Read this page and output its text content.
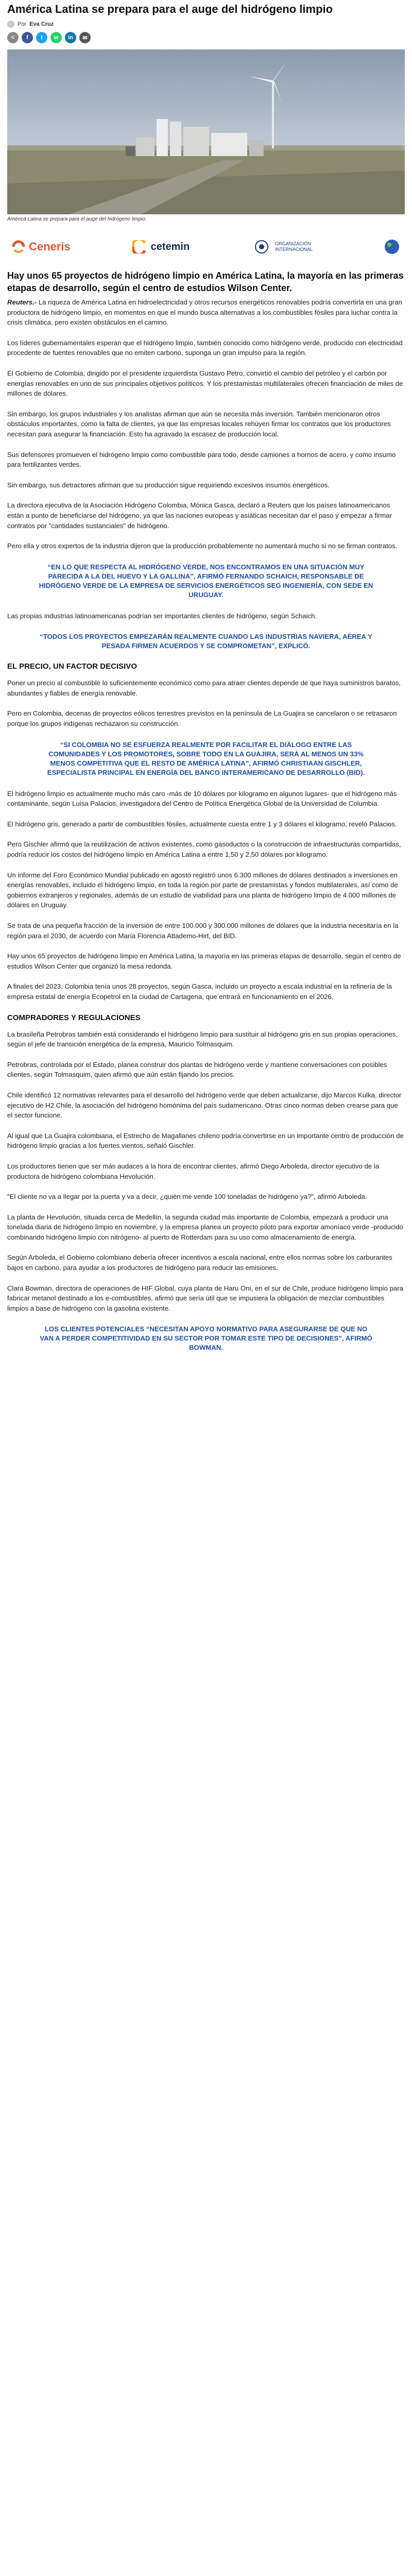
América Latina se prepara para el auge del hidrógeno limpio
Por Eva Cruz
<	f	t	w	in	✉
América Latina se prepara para el auge del hidrógeno limpio.
Ceneris	cetemin	ORGANIZACIÓN INTERNACIONAL
Hay unos 65 proyectos de hidrógeno limpio en América Latina, la mayoría en las primeras etapas de desarrollo, según el centro de estudios Wilson Center.

Reuters.- La riqueza de América Latina en hidroelectricidad y otros recursos energéticos renovables podría convertirla en una gran productora de hidrógeno limpio, en momentos en que el mundo busca alternativas a los combustibles fósiles para luchar contra la crisis climática, pero existen obstáculos en el camino.

Los líderes gubernamentales esperan que el hidrógeno limpio, también conocido como hidrógeno verde, producido con electricidad procedente de fuentes renovables que no emiten carbono, suponga un gran impulso para la región.

El Gobierno de Colombia, dirigido por el presidente izquierdista Gustavo Petro, convirtió el cambio del petróleo y el carbón por energías renovables en uno de sus principales objetivos políticos. Y los prestamistas multilaterales ofrecen financiación de miles de millones de dólares.

Sin embargo, los grupos industriales y los analistas afirman que aún se necesita más inversión. También mencionaron otros obstáculos importantes, como la falta de clientes, ya que las empresas locales rehúyen firmar los contratos que los productores necesitan para asegurar la financiación. Esto ha agravado la escasez de producción local.

Sus defensores promueven el hidrógeno limpio como combustible para todo, desde camiones a hornos de acero, y como insumo para fertilizantes verdes.

Sin embargo, sus detractores afirman que su producción sigue requiriendo excesivos insumos energéticos.

La directora ejecutiva de la Asociación Hidrógeno Colombia, Mónica Gasca, declaró a Reuters que los países latinoamericanos están a punto de beneficiarse del hidrógeno, ya que las naciones europeas y asiáticas necesitan dar el paso y empezar a firmar contratos por "cantidades sustanciales" de hidrógeno.

Pero ella y otros expertos de la industria dijeron que la producción probablemente no aumentará mucho si no se firman contratos.

“EN LO QUE RESPECTA AL HIDRÓGENO VERDE, NOS ENCONTRAMOS EN UNA SITUACIÓN MUY PARECIDA A LA DEL HUEVO Y LA GALLINA”, AFIRMÓ FERNANDO SCHAICH, RESPONSABLE DE HIDRÓGENO VERDE DE LA EMPRESA DE SERVICIOS ENERGÉTICOS SEG INGENIERÍA, CON SEDE EN URUGUAY.

Las propias industrias latinoamericanas podrían ser importantes clientes de hidrógeno, según Schaich.

“TODOS LOS PROYECTOS EMPEZARÁN REALMENTE CUANDO LAS INDUSTRIAS NAVIERA, AÉREA Y PESADA FIRMEN ACUERDOS Y SE COMPROMETAN”, EXPLICÓ.
EL PRECIO, UN FACTOR DECISIVO

Poner un precio al combustible lo suficientemente económico como para atraer clientes depende de que haya suministros baratos, abundantes y fiables de energía renovable.

Pero en Colombia, decenas de proyectos eólicos terrestres previstos en la península de La Guajira se cancelaron o se retrasaron porque los grupos indígenas rechazaron su construcción.

“SI COLOMBIA NO SE ESFUERZA REALMENTE POR FACILITAR EL DIÁLOGO ENTRE LAS COMUNIDADES Y LOS PROMOTORES, SOBRE TODO EN LA GUAJIRA, SERÁ AL MENOS UN 33% MENOS COMPETITIVA QUE EL RESTO DE AMÉRICA LATINA”, AFIRMÓ CHRISTIAAN GISCHLER, ESPECIALISTA PRINCIPAL EN ENERGÍA DEL BANCO INTERAMERICANO DE DESARROLLO (BID).

El hidrógeno limpio es actualmente mucho más caro -más de 10 dólares por kilogramo en algunos lugares- que el hidrógeno más contaminante, según Luisa Palacios, investigadora del Centro de Política Energética Global de la Universidad de Columbia.

El hidrógeno gris, generado a partir de combustibles fósiles, actualmente cuesta entre 1 y 3 dólares el kilogramo, reveló Palacios.

Pero Gischler afirmó que la reutilización de activos existentes, como gasoductos o la construcción de infraestructuras compartidas, podría reducir los costos del hidrógeno limpio en América Latina a entre 1,50 y 2,50 dólares por kilogramo.

Un informe del Foro Económico Mundial publicado en agosto registró unos 6.300 millones de dólares destinados a inversiones en energías renovables, incluido el hidrógeno limpio, en toda la región por parte de prestamistas y fondos multilaterales, así como de gobiernos extranjeros y regionales, además de un estudio de viabilidad para una planta de hidrógeno limpio de 4.000 millones de dólares en Uruguay.

Se trata de una pequeña fracción de la inversión de entre 100.000 y 300.000 millones de dólares que la industria necesitaría en la región para el 2030, de acuerdo con María Florencia Attademo-Hirt, del BID.

Hay unos 65 proyectos de hidrógeno limpio en América Latina, la mayoría en las primeras etapas de desarrollo, según el centro de estudios Wilson Center que organizó la mesa redonda.

A finales del 2023, Colombia tenía unos 28 proyectos, según Gasca, incluido un proyecto a escala industrial en la refinería de la empresa estatal de energía Ecopetrol en la ciudad de Cartagena, que entrará en funcionamiento en el 2026.

COMPRADORES Y REGULACIONES

La brasileña Petrobras también está considerando el hidrógeno limpio para sustituir al hidrógeno gris en sus propias operaciones, según el jefe de transición energética de la empresa, Mauricio Tolmasquim.

Petrobras, controlada por el Estado, planea construir dos plantas de hidrógeno verde y mantiene conversaciones con posibles clientes, según Tolmasquim, quien afirmó que aún están fijando los precios.

Chile identificó 12 normativas relevantes para el desarrollo del hidrógeno verde que deben actualizarse, dijo Marcos Kulka, director ejecutivo de H2 Chile, la asociación del hidrógeno homónima del país sudamericano. Otras cinco normas deben crearse para que el sector funcione.

Al igual que La Guajira colombiana, el Estrecho de Magallanes chileno podría convertirse en un importante centro de producción de hidrógeno limpio gracias a los fuertes vientos, señaló Gischler.

Los productores tienen que ser más audaces a la hora de encontrar clientes, afirmó Diego Arboleda, director ejecutivo de la productora de hidrógeno colombiana Hevolución.

"El cliente no va a llegar por la puerta y va a decir, ¿quién me vende 100 toneladas de hidrógeno ya?", afirmó Arboleda.

La planta de Hevolución, situada cerca de Medellín, la segunda ciudad más importante de Colombia, empezará a producir una tonelada diaria de hidrógeno limpio en noviembre, y la empresa planea un proyecto piloto para exportar amoníaco verde -producido combinando hidrógeno limpio con nitrógeno- al puerto de Rotterdam para su uso como almacenamiento de energía.

Según Arboleda, el Gobierno colombiano debería ofrecer incentivos a escala nacional, entre ellos normas sobre los carburantes bajos en carbono, para ayudar a los productores de hidrógeno para reducir las emisiones.

Clara Bowman, directora de operaciones de HIF Global, cuya planta de Haru Oni, en el sur de Chile, produce hidrógeno limpio para fabricar metanol destinado a los e-combustibles, afirmó que sería útil que se impusiera la obligación de mezclar combustibles limpios a base de hidrógeno con la gasolina existente.

LOS CLIENTES POTENCIALES “NECESITAN APOYO NORMATIVO PARA ASEGURARSE DE QUE NO VAN A PERDER COMPETITIVIDAD EN SU SECTOR POR TOMAR ESTE TIPO DE DECISIONES”, AFIRMÓ BOWMAN.
